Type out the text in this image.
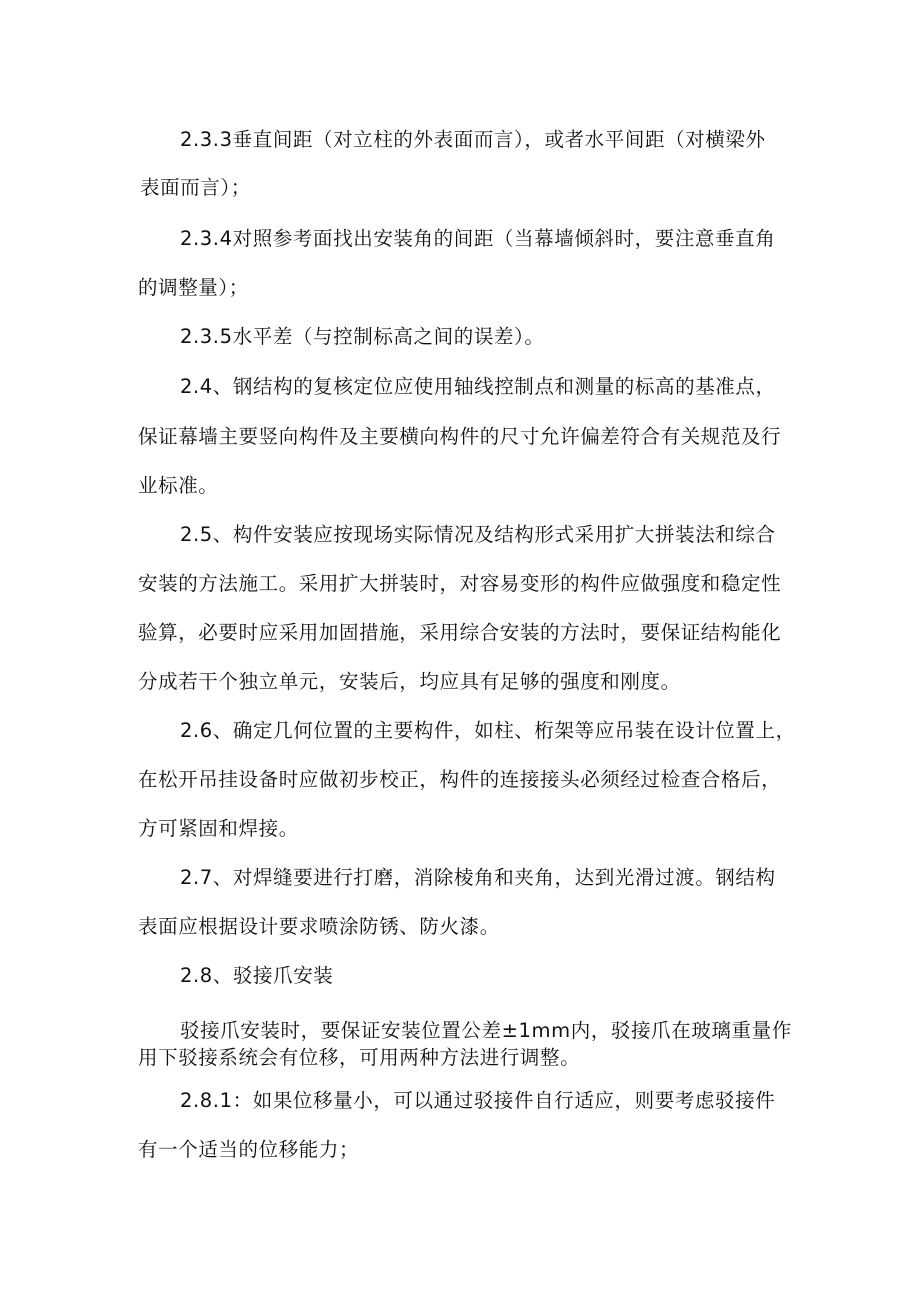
2.3.3垂直间距（对立柱的外表面而言），或者水平间距（对横梁外
表面而言）；
2.3.4对照参考面找出安装角的间距（当幕墙倾斜时，要注意垂直角
的调整量）；
2.3.5水平差（与控制标高之间的误差）。
2.4、钢结构的复核定位应使用轴线控制点和测量的标高的基准点，
保证幕墙主要竖向构件及主要横向构件的尺寸允许偏差符合有关规范及行
业标准。
2.5、构件安装应按现场实际情况及结构形式采用扩大拼装法和综合
安装的方法施工。采用扩大拼装时，对容易变形的构件应做强度和稳定性
验算，必要时应采用加固措施，采用综合安装的方法时，要保证结构能化
分成若干个独立单元，安装后，均应具有足够的强度和刚度。
2.6、确定几何位置的主要构件，如柱、桁架等应吊装在设计位置上，
在松开吊挂设备时应做初步校正，构件的连接接头必须经过检查合格后，
方可紧固和焊接。
2.7、对焊缝要进行打磨，消除棱角和夹角，达到光滑过渡。钢结构
表面应根据设计要求喷涂防锈、防火漆。
2.8、驳接爪安装
驳接爪安装时，要保证安装位置公差±1mm内，驳接爪在玻璃重量作
用下驳接系统会有位移，可用两种方法进行调整。
2.8.1：如果位移量小，可以通过驳接件自行适应，则要考虑驳接件
有一个适当的位移能力；
